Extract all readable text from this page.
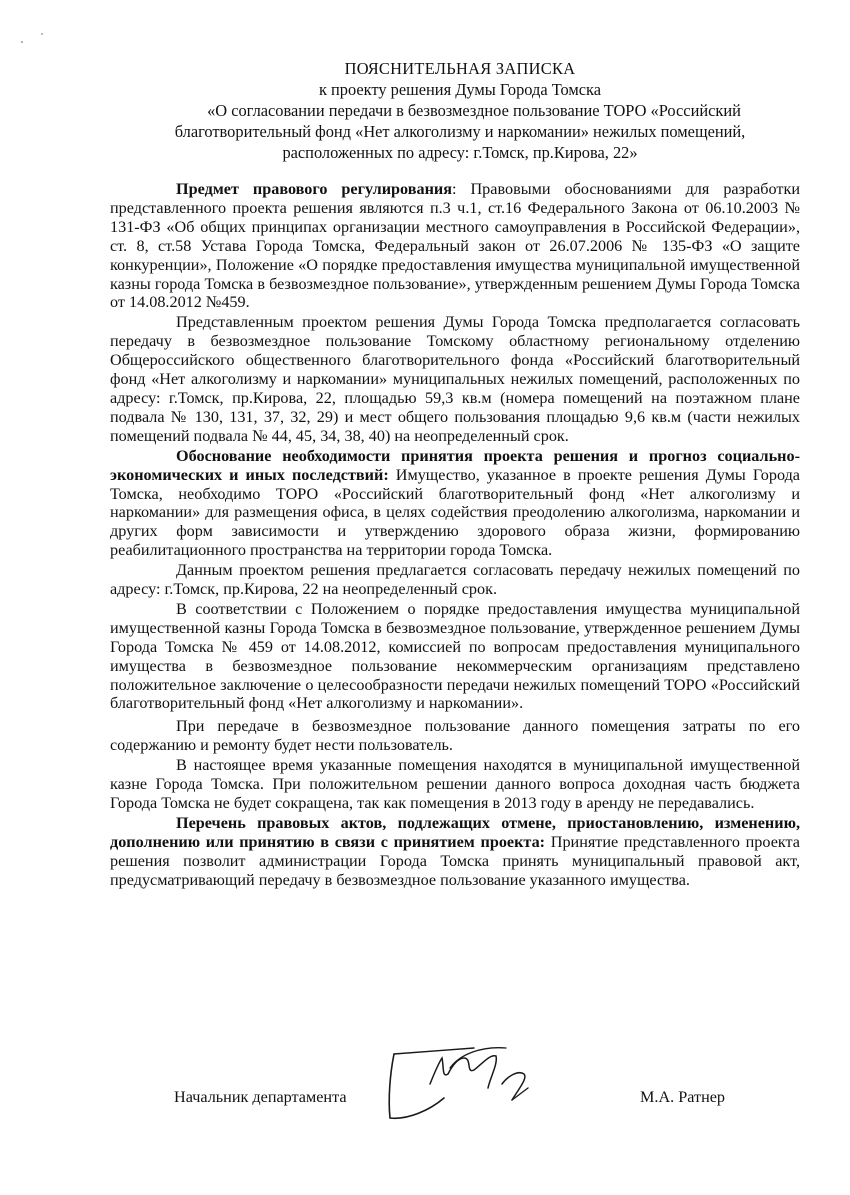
ПОЯСНИТЕЛЬНАЯ ЗАПИСКА
к проекту решения Думы Города Томска
«О согласовании передачи в безвозмездное пользование ТОРО «Российский
благотворительный фонд «Нет алкоголизму и наркомании» нежилых помещений,
расположенных по адресу: г.Томск, пр.Кирова, 22»

Предмет правового регулирования: Правовыми обоснованиями для разработки представленного проекта решения являются п.3 ч.1, ст.16 Федерального Закона от 06.10.2003 № 131-ФЗ «Об общих принципах организации местного самоуправления в Российской Федерации», ст. 8, ст.58 Устава Города Томска, Федеральный закон от 26.07.2006 № 135-ФЗ «О защите конкуренции», Положение «О порядке предоставления имущества муниципальной имущественной казны города Томска в безвозмездное пользование», утвержденным решением Думы Города Томска от 14.08.2012 №459.

Представленным проектом решения Думы Города Томска предполагается согласовать передачу в безвозмездное пользование Томскому областному региональному отделению Общероссийского общественного благотворительного фонда «Российский благотворительный фонд «Нет алкоголизму и наркомании» муниципальных нежилых помещений, расположенных по адресу: г.Томск, пр.Кирова, 22, площадью 59,3 кв.м (номера помещений на поэтажном плане подвала № 130, 131, 37, 32, 29) и мест общего пользования площадью 9,6 кв.м (части нежилых помещений подвала № 44, 45, 34, 38, 40) на неопределенный срок.

Обоснование необходимости принятия проекта решения и прогноз социально-экономических и иных последствий: Имущество, указанное в проекте решения Думы Города Томска, необходимо ТОРО «Российский благотворительный фонд «Нет алкоголизму и наркомании» для размещения офиса, в целях содействия преодолению алкоголизма, наркомании и других форм зависимости и утверждению здорового образа жизни, формированию реабилитационного пространства на территории города Томска.

Данным проектом решения предлагается согласовать передачу нежилых помещений по адресу: г.Томск, пр.Кирова, 22 на неопределенный срок.

В соответствии с Положением о порядке предоставления имущества муниципальной имущественной казны Города Томска в безвозмездное пользование, утвержденное решением Думы Города Томска № 459 от 14.08.2012, комиссией по вопросам предоставления муниципального имущества в безвозмездное пользование некоммерческим организациям представлено положительное заключение о целесообразности передачи нежилых помещений ТОРО «Российский благотворительный фонд «Нет алкоголизму и наркомании».

При передаче в безвозмездное пользование данного помещения затраты по его содержанию и ремонту будет нести пользователь.

В настоящее время указанные помещения находятся в муниципальной имущественной казне Города Томска. При положительном решении данного вопроса доходная часть бюджета Города Томска не будет сокращена, так как помещения в 2013 году в аренду не передавались.

Перечень правовых актов, подлежащих отмене, приостановлению, изменению, дополнению или принятию в связи с принятием проекта: Принятие представленного проекта решения позволит администрации Города Томска принять муниципальный правовой акт, предусматривающий передачу в безвозмездное пользование указанного имущества.

Начальник департамента	М.А. Ратнер
